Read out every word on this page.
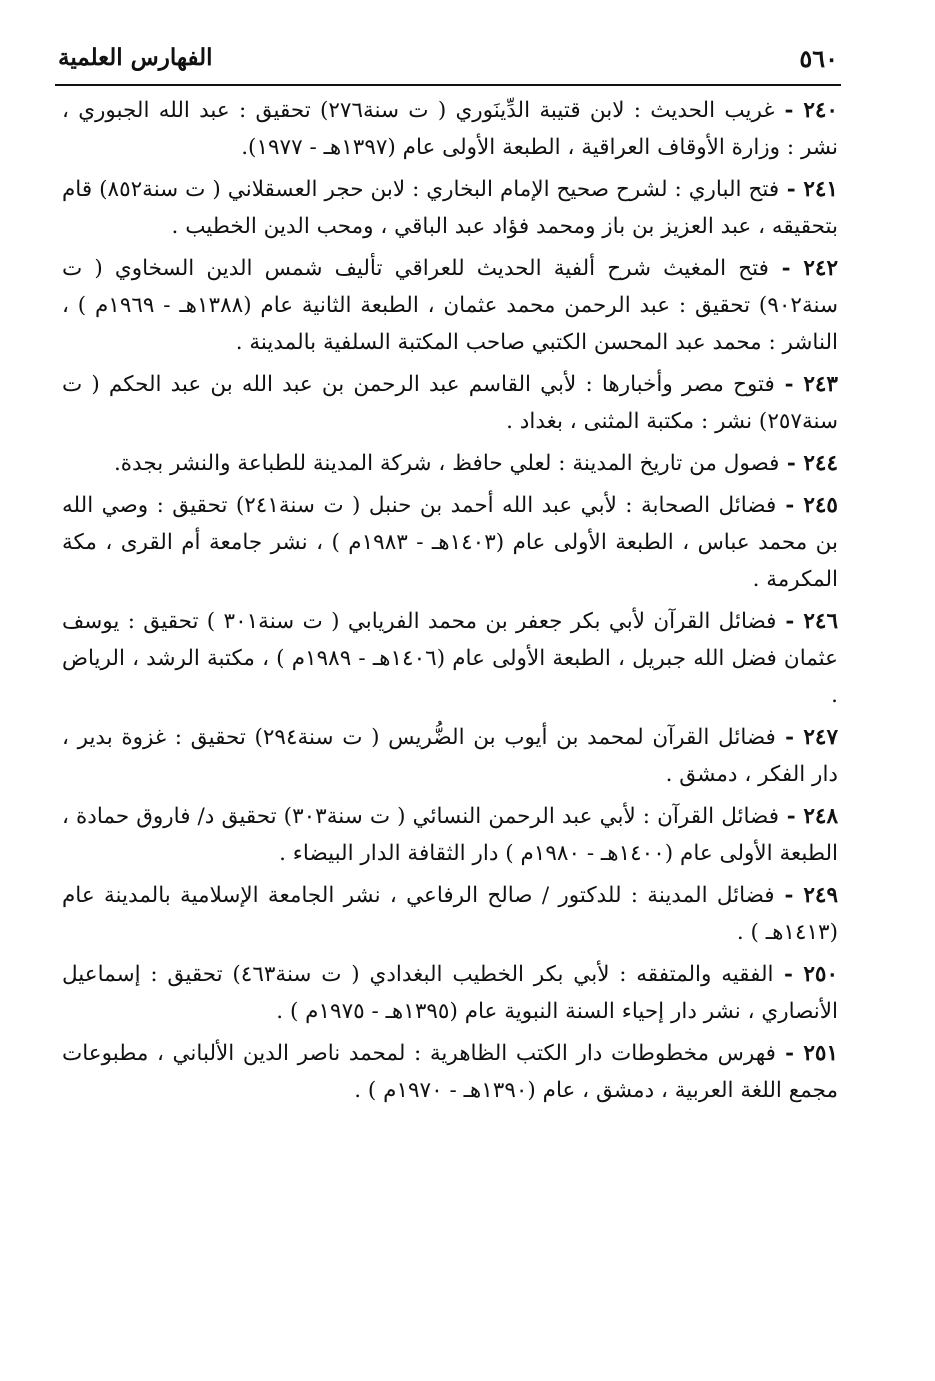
٥٦٠
الفهارس العلمية

٢٤٠ - غريب الحديث : لابن قتيبة الدِّينَوري ( ت سنة٢٧٦) تحقيق : عبد الله الجبوري ، نشر : وزارة الأوقاف العراقية ، الطبعة الأولى عام (١٣٩٧هـ - ١٩٧٧).

٢٤١ - فتح الباري : لشرح صحيح الإمام البخاري : لابن حجر العسقلاني ( ت سنة٨٥٢) قام بتحقيقه ، عبد العزيز بن باز ومحمد فؤاد عبد الباقي ، ومحب الدين الخطيب .

٢٤٢ - فتح المغيث شرح ألفية الحديث للعراقي تأليف شمس الدين السخاوي ( ت سنة٩٠٢) تحقيق : عبد الرحمن محمد عثمان ، الطبعة الثانية عام (١٣٨٨هـ - ١٩٦٩م ) ، الناشر : محمد عبد المحسن الكتبي صاحب المكتبة السلفية بالمدينة .

٢٤٣ - فتوح مصر وأخبارها : لأبي القاسم عبد الرحمن بن عبد الله بن عبد الحكم ( ت سنة٢٥٧) نشر : مكتبة المثنى ، بغداد .

٢٤٤ - فصول من تاريخ المدينة : لعلي حافظ ، شركة المدينة للطباعة والنشر بجدة.

٢٤٥ - فضائل الصحابة : لأبي عبد الله أحمد بن حنبل ( ت سنة٢٤١) تحقيق : وصي الله بن محمد عباس ، الطبعة الأولى عام (١٤٠٣هـ - ١٩٨٣م ) ، نشر جامعة أم القرى ، مكة المكرمة .

٢٤٦ - فضائل القرآن لأبي بكر جعفر بن محمد الفريابي ( ت سنة٣٠١ ) تحقيق : يوسف عثمان فضل الله جبريل ، الطبعة الأولى عام (١٤٠٦هـ - ١٩٨٩م ) ، مكتبة الرشد ، الرياض .

٢٤٧ - فضائل القرآن لمحمد بن أيوب بن الضُّريس ( ت سنة٢٩٤) تحقيق : غزوة بدير ، دار الفكر ، دمشق .

٢٤٨ - فضائل القرآن : لأبي عبد الرحمن النسائي ( ت سنة٣٠٣) تحقيق د/ فاروق حمادة ، الطبعة الأولى عام (١٤٠٠هـ - ١٩٨٠م ) دار الثقافة الدار البيضاء .

٢٤٩ - فضائل المدينة : للدكتور / صالح الرفاعي ، نشر الجامعة الإسلامية بالمدينة عام (١٤١٣هـ ) .

٢٥٠ - الفقيه والمتفقه : لأبي بكر الخطيب البغدادي ( ت سنة٤٦٣) تحقيق : إسماعيل الأنصاري ، نشر دار إحياء السنة النبوية عام (١٣٩٥هـ - ١٩٧٥م ) .

٢٥١ - فهرس مخطوطات دار الكتب الظاهرية : لمحمد ناصر الدين الألباني ، مطبوعات مجمع اللغة العربية ، دمشق ، عام (١٣٩٠هـ - ١٩٧٠م ) .
